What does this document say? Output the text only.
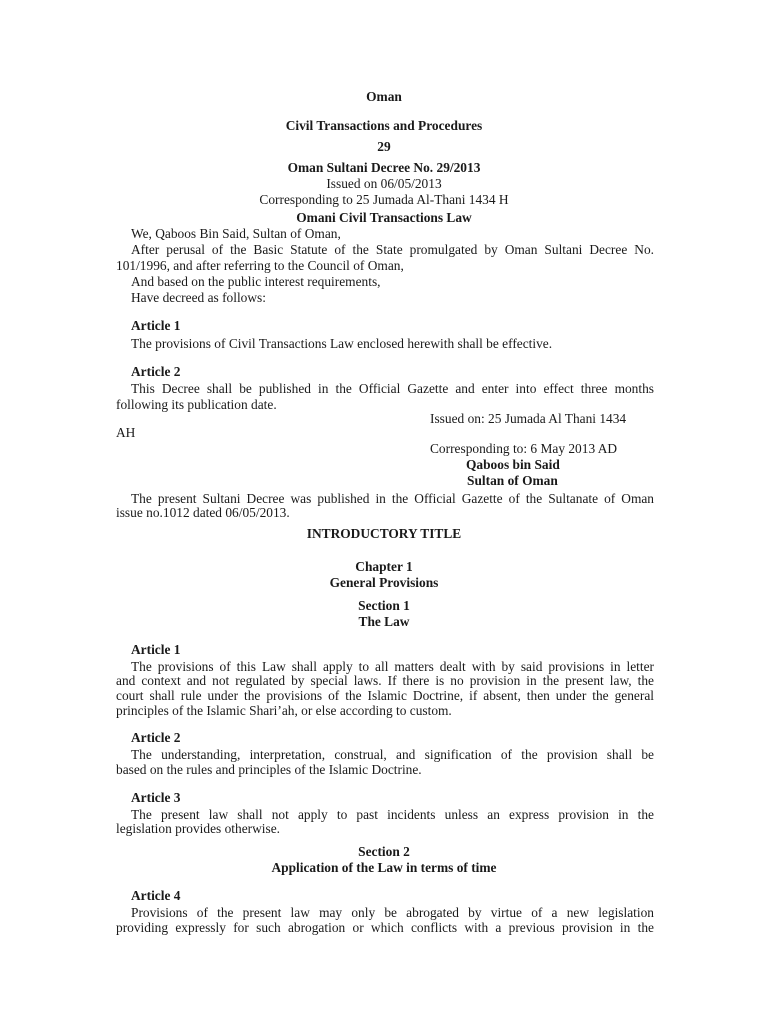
Oman
Civil Transactions and Procedures
29
Oman Sultani Decree No. 29/2013
Issued on 06/05/2013
Corresponding to 25 Jumada Al-Thani 1434 H
Omani Civil Transactions Law
We, Qaboos Bin Said, Sultan of Oman,
After perusal of the Basic Statute of the State promulgated by Oman Sultani Decree No.
101/1996, and after referring to the Council of Oman,
And based on the public interest requirements,
Have decreed as follows:
Article 1
The provisions of Civil Transactions Law enclosed herewith shall be effective.
Article 2
This Decree shall be published in the Official Gazette and enter into effect three months
following its publication date.
Issued on: 25 Jumada Al Thani 1434
AH
Corresponding to: 6 May 2013 AD
Qaboos bin Said
Sultan of Oman
The present Sultani Decree was published in the Official Gazette of the Sultanate of Oman
issue no.1012 dated 06/05/2013.
INTRODUCTORY TITLE
Chapter 1
General Provisions
Section 1
The Law
Article 1
The provisions of this Law shall apply to all matters dealt with by said provisions in letter
and context and not regulated by special laws. If there is no provision in the present law, the
court shall rule under the provisions of the Islamic Doctrine, if absent, then under the general
principles of the Islamic Shari’ah, or else according to custom.
Article 2
The understanding, interpretation, construal, and signification of the provision shall be
based on the rules and principles of the Islamic Doctrine.
Article 3
The present law shall not apply to past incidents unless an express provision in the
legislation provides otherwise.
Section 2
Application of the Law in terms of time
Article 4
Provisions of the present law may only be abrogated by virtue of a new legislation
providing expressly for such abrogation or which conflicts with a previous provision in the
